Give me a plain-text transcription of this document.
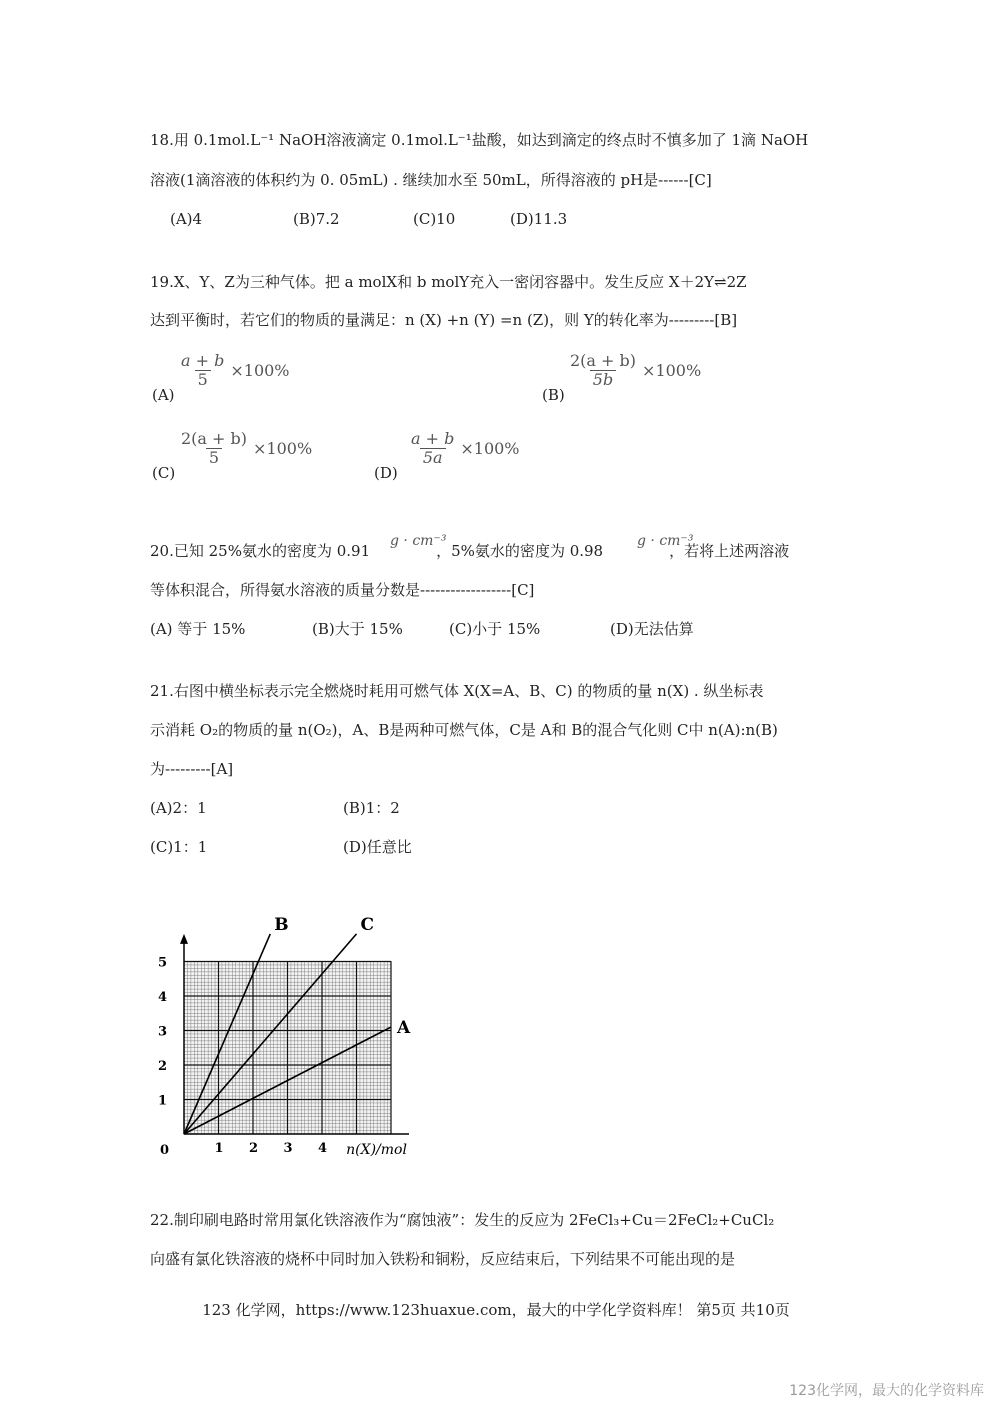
18.用 0.1mol.L⁻¹ NaOH溶液滴定 0.1mol.L⁻¹盐酸，如达到滴定的终点时不慎多加了 1滴 NaOH
溶液(1滴溶液的体积约为 0. 05mL) . 继续加水至 50mL，所得溶液的 pH是------[C]
(A)4	(B)7.2	(C)10	(D)11.3
19.X、Y、Z为三种气体。把 a molX和 b molY充入一密闭容器中。发生反应 X＋2Y⇌2Z
达到平衡时，若它们的物质的量满足：n (X) +n (Y) =n (Z)，则 Y的转化率为---------[B]
(A)
$\frac{a + b}{5} \times 100\%$
(B)
$\frac{2(a + b)}{5b} \times 100\%$
(C)
$\frac{2(a + b)}{5} \times 100\%$
(D)
$\frac{a + b}{5a} \times 100\%$
20.已知 25%氨水的密度为 0.91	，5%氨水的密度为 0.98	，若将上述两溶液
g · cm⁻³	g · cm⁻³
等体积混合，所得氨水溶液的质量分数是------------------[C]
(A) 等于 15%	(B)大于 15%	(C)小于 15%	(D)无法估算
21.右图中横坐标表示完全燃烧时耗用可燃气体 X(X=A、B、C) 的物质的量 n(X) . 纵坐标表
示消耗 O₂的物质的量 n(O₂)，A、B是两种可燃气体，C是 A和 B的混合气化则 C中 n(A):n(B)
为---------[A]
(A)2：1	(B)1：2
(C)1：1	(D)任意比
B	C
A
1
2
3
4
5
1 2 3 4
0	n(X)/mol
22.制印刷电路时常用氯化铁溶液作为“腐蚀液”：发生的反应为 2FeCl₃+Cu＝2FeCl₂+CuCl₂
向盛有氯化铁溶液的烧杯中同时加入铁粉和铜粉，反应结束后，下列结果不可能出现的是
123 化学网，https://www.123huaxue.com，最大的中学化学资料库！ 第5页 共10页
123化学网，最大的化学资料库
